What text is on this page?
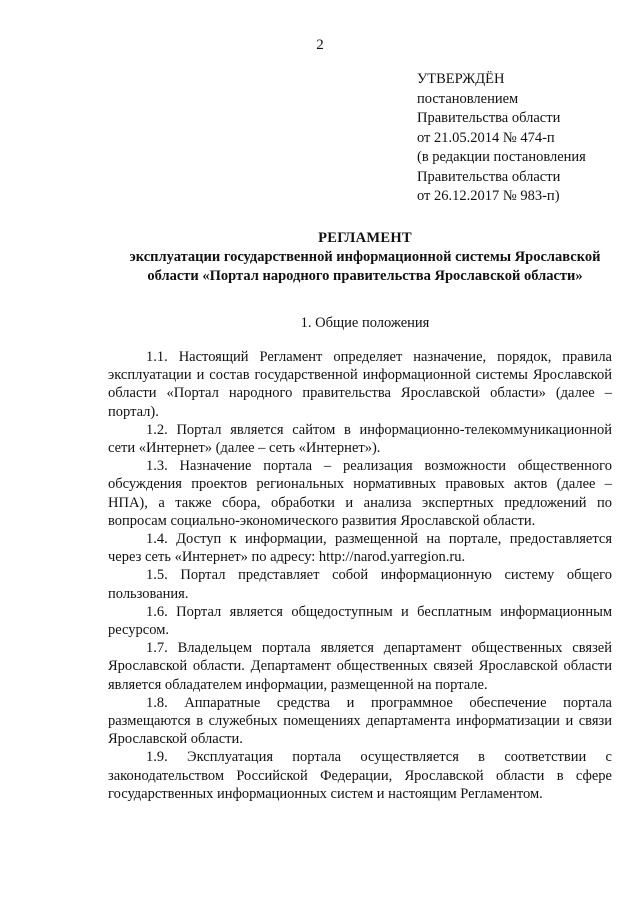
2
УТВЕРЖДЁН
постановлением
Правительства области
от 21.05.2014 № 474-п
(в редакции постановления
Правительства области
от 26.12.2017 № 983-п)
РЕГЛАМЕНТ
эксплуатации государственной информационной системы Ярославской области «Портал народного правительства Ярославской области»
1. Общие положения

1.1. Настоящий Регламент определяет назначение, порядок, правила эксплуатации и состав государственной информационной системы Ярославской области «Портал народного правительства Ярославской области» (далее – портал).

1.2. Портал является сайтом в информационно-телекоммуникационной сети «Интернет» (далее – сеть «Интернет»).

1.3. Назначение портала – реализация возможности общественного обсуждения проектов региональных нормативных правовых актов (далее – НПА), а также сбора, обработки и анализа экспертных предложений по вопросам социально-экономического развития Ярославской области.

1.4. Доступ к информации, размещенной на портале, предоставляется через сеть «Интернет» по адресу: http://narod.yarregion.ru.

1.5. Портал представляет собой информационную систему общего пользования.

1.6. Портал является общедоступным и бесплатным информационным ресурсом.

1.7. Владельцем портала является департамент общественных связей Ярославской области. Департамент общественных связей Ярославской области является обладателем информации, размещенной на портале.

1.8. Аппаратные средства и программное обеспечение портала размещаются в служебных помещениях департамента информатизации и связи Ярославской области.

1.9. Эксплуатация портала осуществляется в соответствии с законодательством Российской Федерации, Ярославской области в сфере государственных информационных систем и настоящим Регламентом.
